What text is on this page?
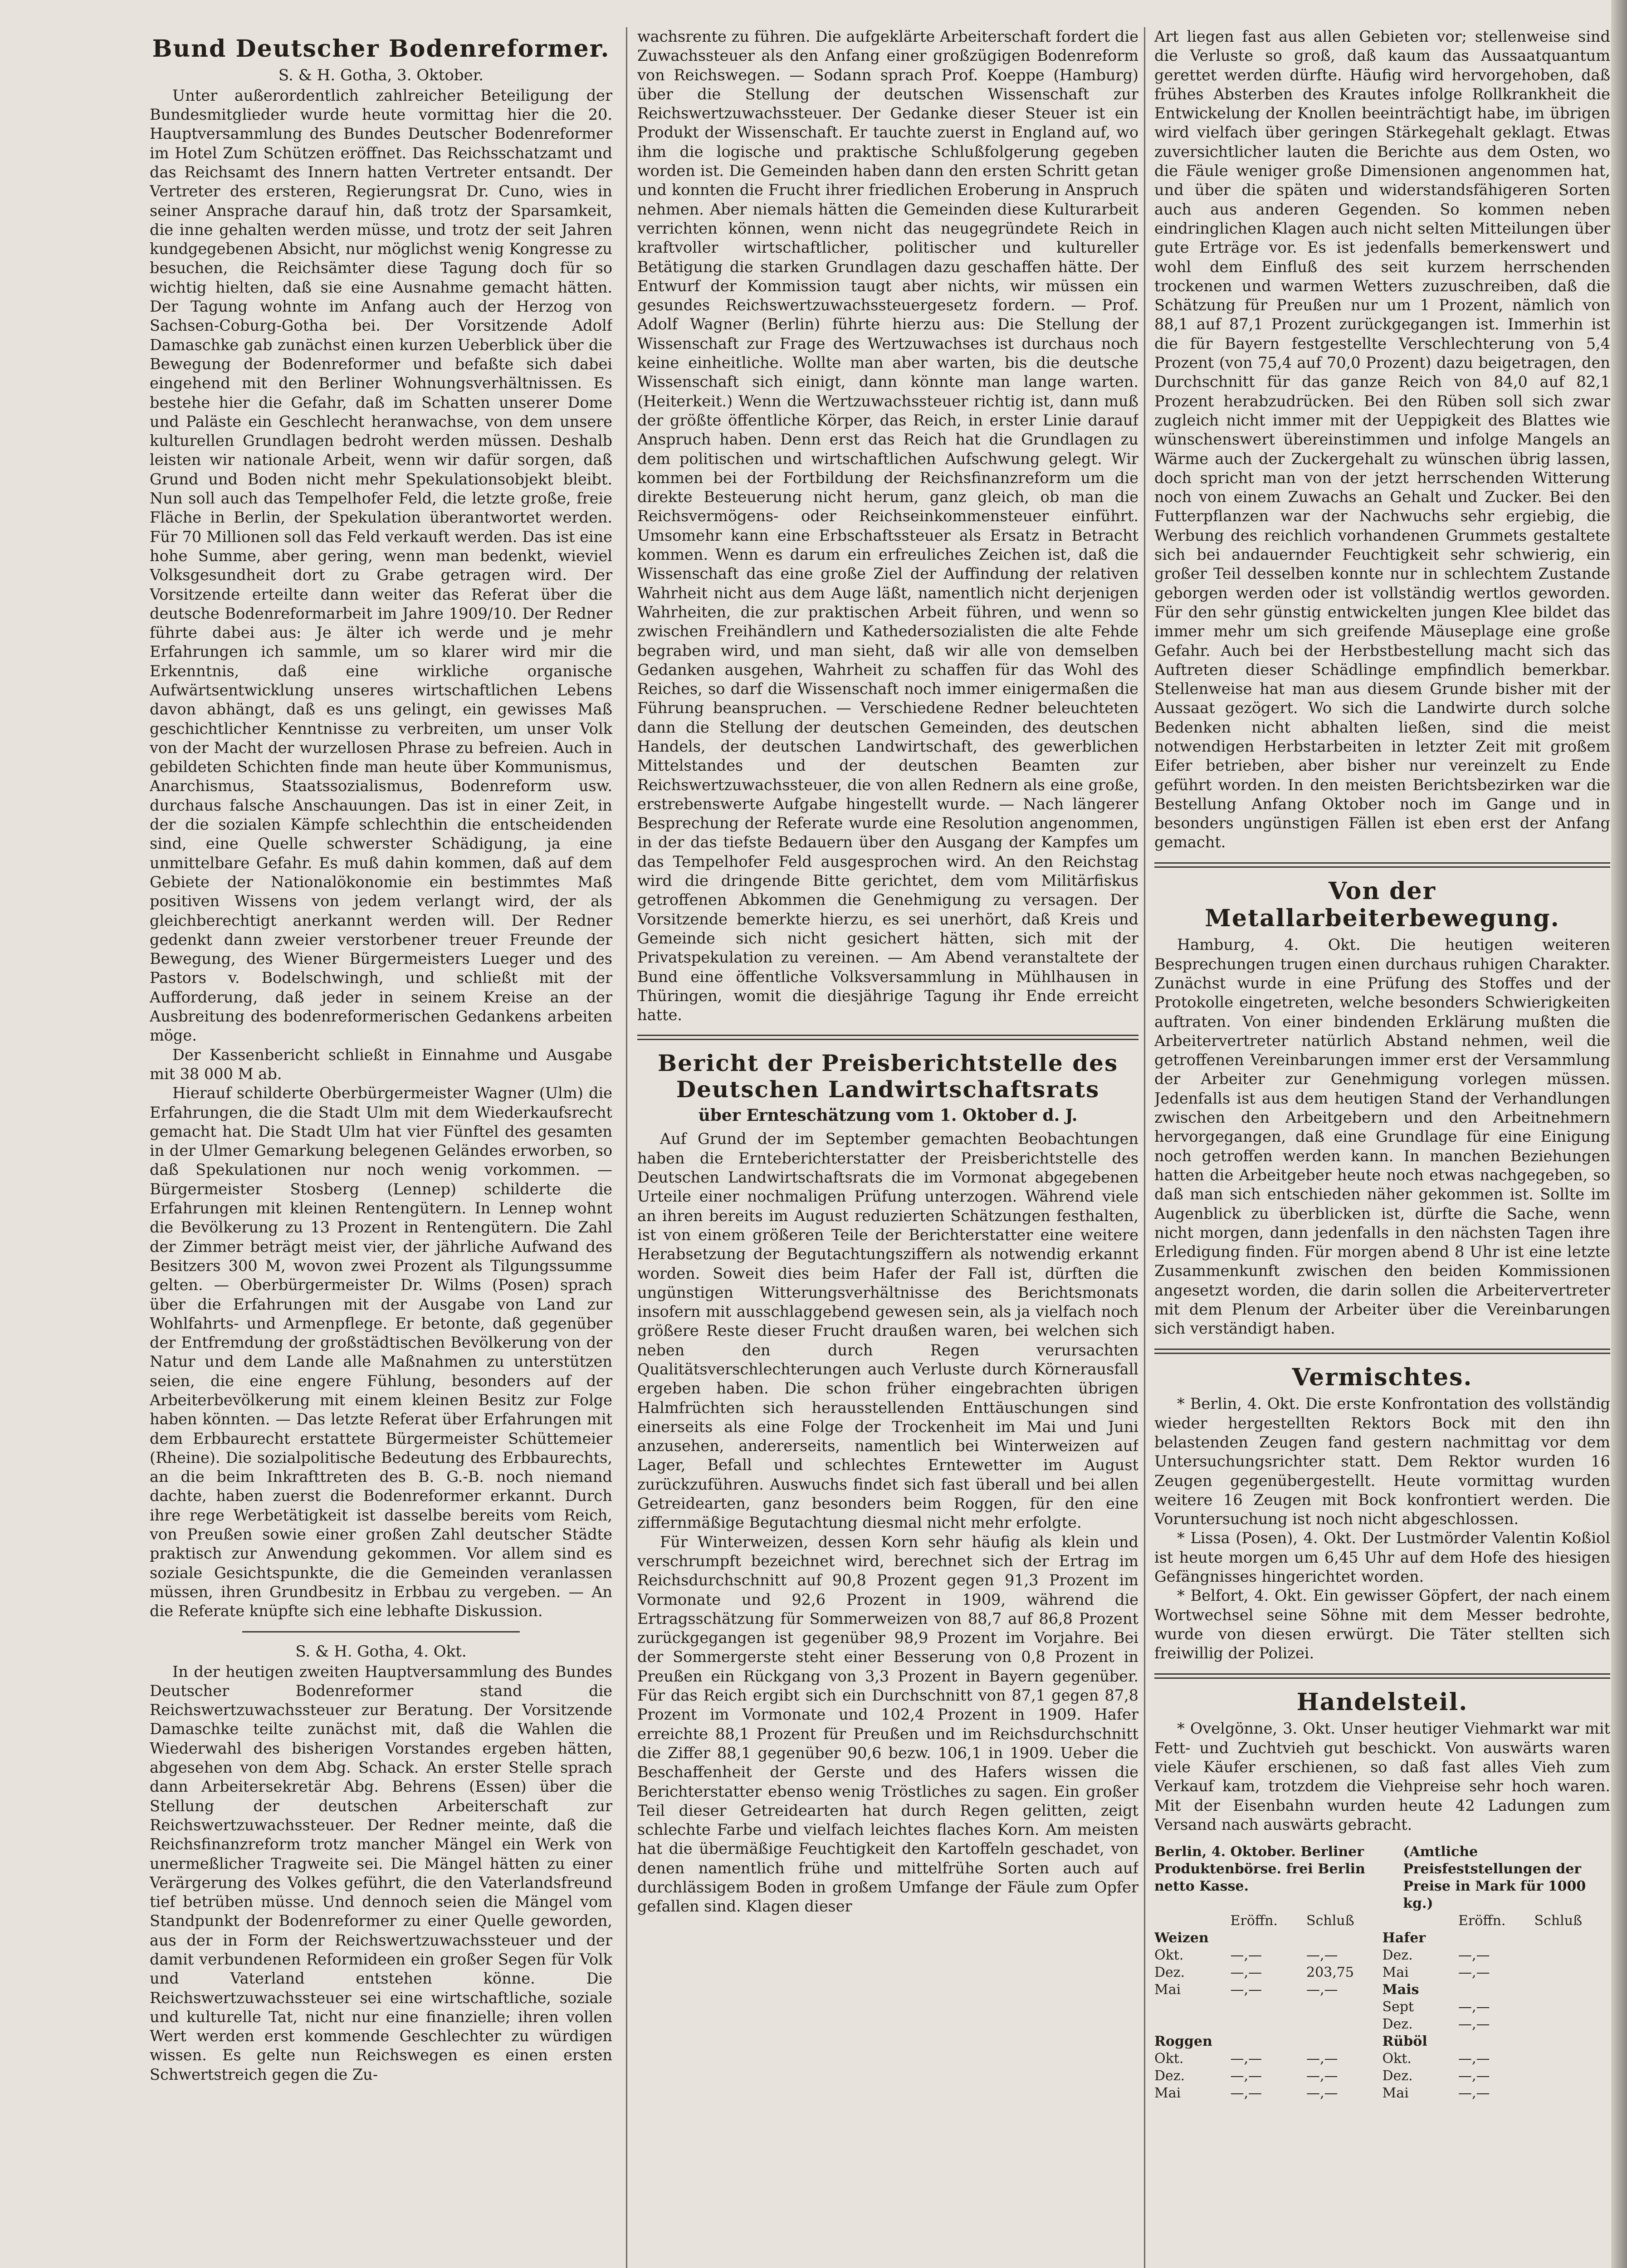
Bund Deutscher Bodenreformer.
S. & H. Gotha, 3. Oktober.

Unter außerordentlich zahlreicher Beteiligung der Bundesmitglieder wurde heute vormittag hier die 20. Hauptversammlung des Bundes Deutscher Bodenreformer im Hotel Zum Schützen eröffnet. Das Reichsschatzamt und das Reichsamt des Innern hatten Vertreter entsandt. Der Vertreter des ersteren, Regierungsrat Dr. Cuno, wies in seiner Ansprache darauf hin, daß trotz der Sparsamkeit, die inne gehalten werden müsse, und trotz der seit Jahren kundgegebenen Absicht, nur möglichst wenig Kongresse zu besuchen, die Reichsämter diese Tagung doch für so wichtig hielten, daß sie eine Ausnahme gemacht hätten. Der Tagung wohnte im Anfang auch der Herzog von Sachsen-Coburg-Gotha bei. Der Vorsitzende Adolf Damaschke gab zunächst einen kurzen Ueberblick über die Bewegung der Bodenreformer und befaßte sich dabei eingehend mit den Berliner Wohnungsverhältnissen. Es bestehe hier die Gefahr, daß im Schatten unserer Dome und Paläste ein Geschlecht heranwachse, von dem unsere kulturellen Grundlagen bedroht werden müssen. Deshalb leisten wir nationale Arbeit, wenn wir dafür sorgen, daß Grund und Boden nicht mehr Spekulationsobjekt bleibt. Nun soll auch das Tempelhofer Feld, die letzte große, freie Fläche in Berlin, der Spekulation überantwortet werden. Für 70 Millionen soll das Feld verkauft werden. Das ist eine hohe Summe, aber gering, wenn man bedenkt, wieviel Volksgesundheit dort zu Grabe getragen wird. Der Vorsitzende erteilte dann weiter das Referat über die deutsche Bodenreformarbeit im Jahre 1909/10. Der Redner führte dabei aus: Je älter ich werde und je mehr Erfahrungen ich sammle, um so klarer wird mir die Erkenntnis, daß eine wirkliche organische Aufwärtsentwicklung unseres wirtschaftlichen Lebens davon abhängt, daß es uns gelingt, ein gewisses Maß geschichtlicher Kenntnisse zu verbreiten, um unser Volk von der Macht der wurzellosen Phrase zu befreien. Auch in gebildeten Schichten finde man heute über Kommunismus, Anarchismus, Staatssozialismus, Bodenreform usw. durchaus falsche Anschauungen. Das ist in einer Zeit, in der die sozialen Kämpfe schlechthin die entscheidenden sind, eine Quelle schwerster Schädigung, ja eine unmittelbare Gefahr. Es muß dahin kommen, daß auf dem Gebiete der Nationalökonomie ein bestimmtes Maß positiven Wissens von jedem verlangt wird, der als gleichberechtigt anerkannt werden will. Der Redner gedenkt dann zweier verstorbener treuer Freunde der Bewegung, des Wiener Bürgermeisters Lueger und des Pastors v. Bodelschwingh, und schließt mit der Aufforderung, daß jeder in seinem Kreise an der Ausbreitung des bodenreformerischen Gedankens arbeiten möge.

Der Kassenbericht schließt in Einnahme und Ausgabe mit 38 000 M ab.

Hierauf schilderte Oberbürgermeister Wagner (Ulm) die Erfahrungen, die die Stadt Ulm mit dem Wiederkaufsrecht gemacht hat. Die Stadt Ulm hat vier Fünftel des gesamten in der Ulmer Gemarkung belegenen Geländes erworben, so daß Spekulationen nur noch wenig vorkommen. — Bürgermeister Stosberg (Lennep) schilderte die Erfahrungen mit kleinen Rentengütern. In Lennep wohnt die Bevölkerung zu 13 Prozent in Rentengütern. Die Zahl der Zimmer beträgt meist vier, der jährliche Aufwand des Besitzers 300 M, wovon zwei Prozent als Tilgungssumme gelten. — Oberbürgermeister Dr. Wilms (Posen) sprach über die Erfahrungen mit der Ausgabe von Land zur Wohlfahrts- und Armenpflege. Er betonte, daß gegenüber der Entfremdung der großstädtischen Bevölkerung von der Natur und dem Lande alle Maßnahmen zu unterstützen seien, die eine engere Fühlung, besonders auf der Arbeiterbevölkerung mit einem kleinen Besitz zur Folge haben könnten. — Das letzte Referat über Erfahrungen mit dem Erbbaurecht erstattete Bürgermeister Schüttemeier (Rheine). Die sozialpolitische Bedeutung des Erbbaurechts, an die beim Inkrafttreten des B. G.-B. noch niemand dachte, haben zuerst die Bodenreformer erkannt. Durch ihre rege Werbetätigkeit ist dasselbe bereits vom Reich, von Preußen sowie einer großen Zahl deutscher Städte praktisch zur Anwendung gekommen. Vor allem sind es soziale Gesichtspunkte, die die Gemeinden veranlassen müssen, ihren Grundbesitz in Erbbau zu vergeben. — An die Referate knüpfte sich eine lebhafte Diskussion.

S. & H. Gotha, 4. Okt.

In der heutigen zweiten Hauptversammlung des Bundes Deutscher Bodenreformer stand die Reichswertzuwachssteuer zur Beratung. Der Vorsitzende Damaschke teilte zunächst mit, daß die Wahlen die Wiederwahl des bisherigen Vorstandes ergeben hätten, abgesehen von dem Abg. Schack. An erster Stelle sprach dann Arbeitersekretär Abg. Behrens (Essen) über die Stellung der deutschen Arbeiterschaft zur Reichswertzuwachssteuer. Der Redner meinte, daß die Reichsfinanzreform trotz mancher Mängel ein Werk von unermeßlicher Tragweite sei. Die Mängel hätten zu einer Verärgerung des Volkes geführt, die den Vaterlandsfreund tief betrüben müsse. Und dennoch seien die Mängel vom Standpunkt der Bodenreformer zu einer Quelle geworden, aus der in Form der Reichswertzuwachssteuer und der damit verbundenen Reformideen ein großer Segen für Volk und Vaterland entstehen könne. Die Reichswertzuwachssteuer sei eine wirtschaftliche, soziale und kulturelle Tat, nicht nur eine finanzielle; ihren vollen Wert werden erst kommende Geschlechter zu würdigen wissen. Es gelte nun Reichswegen es einen ersten Schwertstreich gegen die Zu-

wachsrente zu führen. Die aufgeklärte Arbeiterschaft fordert die Zuwachssteuer als den Anfang einer großzügigen Bodenreform von Reichswegen. — Sodann sprach Prof. Koeppe (Hamburg) über die Stellung der deutschen Wissenschaft zur Reichswertzuwachssteuer. Der Gedanke dieser Steuer ist ein Produkt der Wissenschaft. Er tauchte zuerst in England auf, wo ihm die logische und praktische Schlußfolgerung gegeben worden ist. Die Gemeinden haben dann den ersten Schritt getan und konnten die Frucht ihrer friedlichen Eroberung in Anspruch nehmen. Aber niemals hätten die Gemeinden diese Kulturarbeit verrichten können, wenn nicht das neugegründete Reich in kraftvoller wirtschaftlicher, politischer und kultureller Betätigung die starken Grundlagen dazu geschaffen hätte. Der Entwurf der Kommission taugt aber nichts, wir müssen ein gesundes Reichswertzuwachssteuergesetz fordern. — Prof. Adolf Wagner (Berlin) führte hierzu aus: Die Stellung der Wissenschaft zur Frage des Wertzuwachses ist durchaus noch keine einheitliche. Wollte man aber warten, bis die deutsche Wissenschaft sich einigt, dann könnte man lange warten. (Heiterkeit.) Wenn die Wertzuwachssteuer richtig ist, dann muß der größte öffentliche Körper, das Reich, in erster Linie darauf Anspruch haben. Denn erst das Reich hat die Grundlagen zu dem politischen und wirtschaftlichen Aufschwung gelegt. Wir kommen bei der Fortbildung der Reichsfinanzreform um die direkte Besteuerung nicht herum, ganz gleich, ob man die Reichsvermögens- oder Reichseinkommensteuer einführt. Umsomehr kann eine Erbschaftssteuer als Ersatz in Betracht kommen. Wenn es darum ein erfreuliches Zeichen ist, daß die Wissenschaft das eine große Ziel der Auffindung der relativen Wahrheit nicht aus dem Auge läßt, namentlich nicht derjenigen Wahrheiten, die zur praktischen Arbeit führen, und wenn so zwischen Freihändlern und Kathedersozialisten die alte Fehde begraben wird, und man sieht, daß wir alle von demselben Gedanken ausgehen, Wahrheit zu schaffen für das Wohl des Reiches, so darf die Wissenschaft noch immer einigermaßen die Führung beanspruchen. — Verschiedene Redner beleuchteten dann die Stellung der deutschen Gemeinden, des deutschen Handels, der deutschen Landwirtschaft, des gewerblichen Mittelstandes und der deutschen Beamten zur Reichswertzuwachssteuer, die von allen Rednern als eine große, erstrebenswerte Aufgabe hingestellt wurde. — Nach längerer Besprechung der Referate wurde eine Resolution angenommen, in der das tiefste Bedauern über den Ausgang der Kampfes um das Tempelhofer Feld ausgesprochen wird. An den Reichstag wird die dringende Bitte gerichtet, dem vom Militärfiskus getroffenen Abkommen die Genehmigung zu versagen. Der Vorsitzende bemerkte hierzu, es sei unerhört, daß Kreis und Gemeinde sich nicht gesichert hätten, sich mit der Privatspekulation zu vereinen. — Am Abend veranstaltete der Bund eine öffentliche Volksversammlung in Mühlhausen in Thüringen, womit die diesjährige Tagung ihr Ende erreicht hatte.

Bericht der Preisberichtstelle des Deutschen Landwirtschaftsrats
über Ernteschätzung vom 1. Oktober d. J.

Auf Grund der im September gemachten Beobachtungen haben die Ernteberichterstatter der Preisberichtstelle des Deutschen Landwirtschaftsrats die im Vormonat abgegebenen Urteile einer nochmaligen Prüfung unterzogen. Während viele an ihren bereits im August reduzierten Schätzungen festhalten, ist von einem größeren Teile der Berichterstatter eine weitere Herabsetzung der Begutachtungsziffern als notwendig erkannt worden. Soweit dies beim Hafer der Fall ist, dürften die ungünstigen Witterungsverhältnisse des Berichtsmonats insofern mit ausschlaggebend gewesen sein, als ja vielfach noch größere Reste dieser Frucht draußen waren, bei welchen sich neben den durch Regen verursachten Qualitätsverschlechterungen auch Verluste durch Körnerausfall ergeben haben. Die schon früher eingebrachten übrigen Halmfrüchten sich herausstellenden Enttäuschungen sind einerseits als eine Folge der Trockenheit im Mai und Juni anzusehen, andererseits, namentlich bei Winterweizen auf Lager, Befall und schlechtes Erntewetter im August zurückzuführen. Auswuchs findet sich fast überall und bei allen Getreidearten, ganz besonders beim Roggen, für den eine ziffernmäßige Begutachtung diesmal nicht mehr erfolgte.

Für Winterweizen, dessen Korn sehr häufig als klein und verschrumpft bezeichnet wird, berechnet sich der Ertrag im Reichsdurchschnitt auf 90,8 Prozent gegen 91,3 Prozent im Vormonate und 92,6 Prozent in 1909, während die Ertragsschätzung für Sommerweizen von 88,7 auf 86,8 Prozent zurückgegangen ist gegenüber 98,9 Prozent im Vorjahre. Bei der Sommergerste steht einer Besserung von 0,8 Prozent in Preußen ein Rückgang von 3,3 Prozent in Bayern gegenüber. Für das Reich ergibt sich ein Durchschnitt von 87,1 gegen 87,8 Prozent im Vormonate und 102,4 Prozent in 1909. Hafer erreichte 88,1 Prozent für Preußen und im Reichsdurchschnitt die Ziffer 88,1 gegenüber 90,6 bezw. 106,1 in 1909. Ueber die Beschaffenheit der Gerste und des Hafers wissen die Berichterstatter ebenso wenig Tröstliches zu sagen. Ein großer Teil dieser Getreidearten hat durch Regen gelitten, zeigt schlechte Farbe und vielfach leichtes flaches Korn. Am meisten hat die übermäßige Feuchtigkeit den Kartoffeln geschadet, von denen namentlich frühe und mittelfrühe Sorten auch auf durchlässigem Boden in großem Umfange der Fäule zum Opfer gefallen sind. Klagen dieser

Art liegen fast aus allen Gebieten vor; stellenweise sind die Verluste so groß, daß kaum das Aussaatquantum gerettet werden dürfte. Häufig wird hervorgehoben, daß frühes Absterben des Krautes infolge Rollkrankheit die Entwickelung der Knollen beeinträchtigt habe, im übrigen wird vielfach über geringen Stärkegehalt geklagt. Etwas zuversichtlicher lauten die Berichte aus dem Osten, wo die Fäule weniger große Dimensionen angenommen hat, und über die späten und widerstandsfähigeren Sorten auch aus anderen Gegenden. So kommen neben eindringlichen Klagen auch nicht selten Mitteilungen über gute Erträge vor. Es ist jedenfalls bemerkenswert und wohl dem Einfluß des seit kurzem herrschenden trockenen und warmen Wetters zuzuschreiben, daß die Schätzung für Preußen nur um 1 Prozent, nämlich von 88,1 auf 87,1 Prozent zurückgegangen ist. Immerhin ist die für Bayern festgestellte Verschlechterung von 5,4 Prozent (von 75,4 auf 70,0 Prozent) dazu beigetragen, den Durchschnitt für das ganze Reich von 84,0 auf 82,1 Prozent herabzudrücken. Bei den Rüben soll sich zwar zugleich nicht immer mit der Ueppigkeit des Blattes wie wünschenswert übereinstimmen und infolge Mangels an Wärme auch der Zuckergehalt zu wünschen übrig lassen, doch spricht man von der jetzt herrschenden Witterung noch von einem Zuwachs an Gehalt und Zucker. Bei den Futterpflanzen war der Nachwuchs sehr ergiebig, die Werbung des reichlich vorhandenen Grummets gestaltete sich bei andauernder Feuchtigkeit sehr schwierig, ein großer Teil desselben konnte nur in schlechtem Zustande geborgen werden oder ist vollständig wertlos geworden. Für den sehr günstig entwickelten jungen Klee bildet das immer mehr um sich greifende Mäuseplage eine große Gefahr. Auch bei der Herbstbestellung macht sich das Auftreten dieser Schädlinge empfindlich bemerkbar. Stellenweise hat man aus diesem Grunde bisher mit der Aussaat gezögert. Wo sich die Landwirte durch solche Bedenken nicht abhalten ließen, sind die meist notwendigen Herbstarbeiten in letzter Zeit mit großem Eifer betrieben, aber bisher nur vereinzelt zu Ende geführt worden. In den meisten Berichtsbezirken war die Bestellung Anfang Oktober noch im Gange und in besonders ungünstigen Fällen ist eben erst der Anfang gemacht.

Von der Metallarbeiterbewegung.

Hamburg, 4. Okt. Die heutigen weiteren Besprechungen trugen einen durchaus ruhigen Charakter. Zunächst wurde in eine Prüfung des Stoffes und der Protokolle eingetreten, welche besonders Schwierigkeiten auftraten. Von einer bindenden Erklärung mußten die Arbeitervertreter natürlich Abstand nehmen, weil die getroffenen Vereinbarungen immer erst der Versammlung der Arbeiter zur Genehmigung vorlegen müssen. Jedenfalls ist aus dem heutigen Stand der Verhandlungen zwischen den Arbeitgebern und den Arbeitnehmern hervorgegangen, daß eine Grundlage für eine Einigung noch getroffen werden kann. In manchen Beziehungen hatten die Arbeitgeber heute noch etwas nachgegeben, so daß man sich entschieden näher gekommen ist. Sollte im Augenblick zu überblicken ist, dürfte die Sache, wenn nicht morgen, dann jedenfalls in den nächsten Tagen ihre Erledigung finden. Für morgen abend 8 Uhr ist eine letzte Zusammenkunft zwischen den beiden Kommissionen angesetzt worden, die darin sollen die Arbeitervertreter mit dem Plenum der Arbeiter über die Vereinbarungen sich verständigt haben.

Vermischtes.

* Berlin, 4. Okt. Die erste Konfrontation des vollständig wieder hergestellten Rektors Bock mit den ihn belastenden Zeugen fand gestern nachmittag vor dem Untersuchungsrichter statt. Dem Rektor wurden 16 Zeugen gegenübergestellt. Heute vormittag wurden weitere 16 Zeugen mit Bock konfrontiert werden. Die Voruntersuchung ist noch nicht abgeschlossen.

* Lissa (Posen), 4. Okt. Der Lustmörder Valentin Koßiol ist heute morgen um 6,45 Uhr auf dem Hofe des hiesigen Gefängnisses hingerichtet worden.

* Belfort, 4. Okt. Ein gewisser Göpfert, der nach einem Wortwechsel seine Söhne mit dem Messer bedrohte, wurde von diesen erwürgt. Die Täter stellten sich freiwillig der Polizei.

Handelsteil.

* Ovelgönne, 3. Okt. Unser heutiger Viehmarkt war mit Fett- und Zuchtvieh gut beschickt. Von auswärts waren viele Käufer erschienen, so daß fast alles Vieh zum Verkauf kam, trotzdem die Viehpreise sehr hoch waren. Mit der Eisenbahn wurden heute 42 Ladungen zum Versand nach auswärts gebracht.

Berlin, 4. Oktober. Berliner Produktenbörse. frei Berlin netto Kasse.
(Amtliche Preisfeststellungen der Preise in Mark für 1000 kg.)
Eröffn.	Schluß	Eröffn.	Schluß
Weizen	Hafer
Okt.	—,—	—,—	Dez.	—,—
Dez.	—,—	203,75	Mai	—,—
Mai	—,—	—,—	Mais
Sept	—,—
Dez.	—,—
Roggen	Rüböl
Okt.	—,—	—,—	Okt.	—,—
Dez.	—,—	—,—	Dez.	—,—
Mai	—,—	—,—	Mai	—,—
